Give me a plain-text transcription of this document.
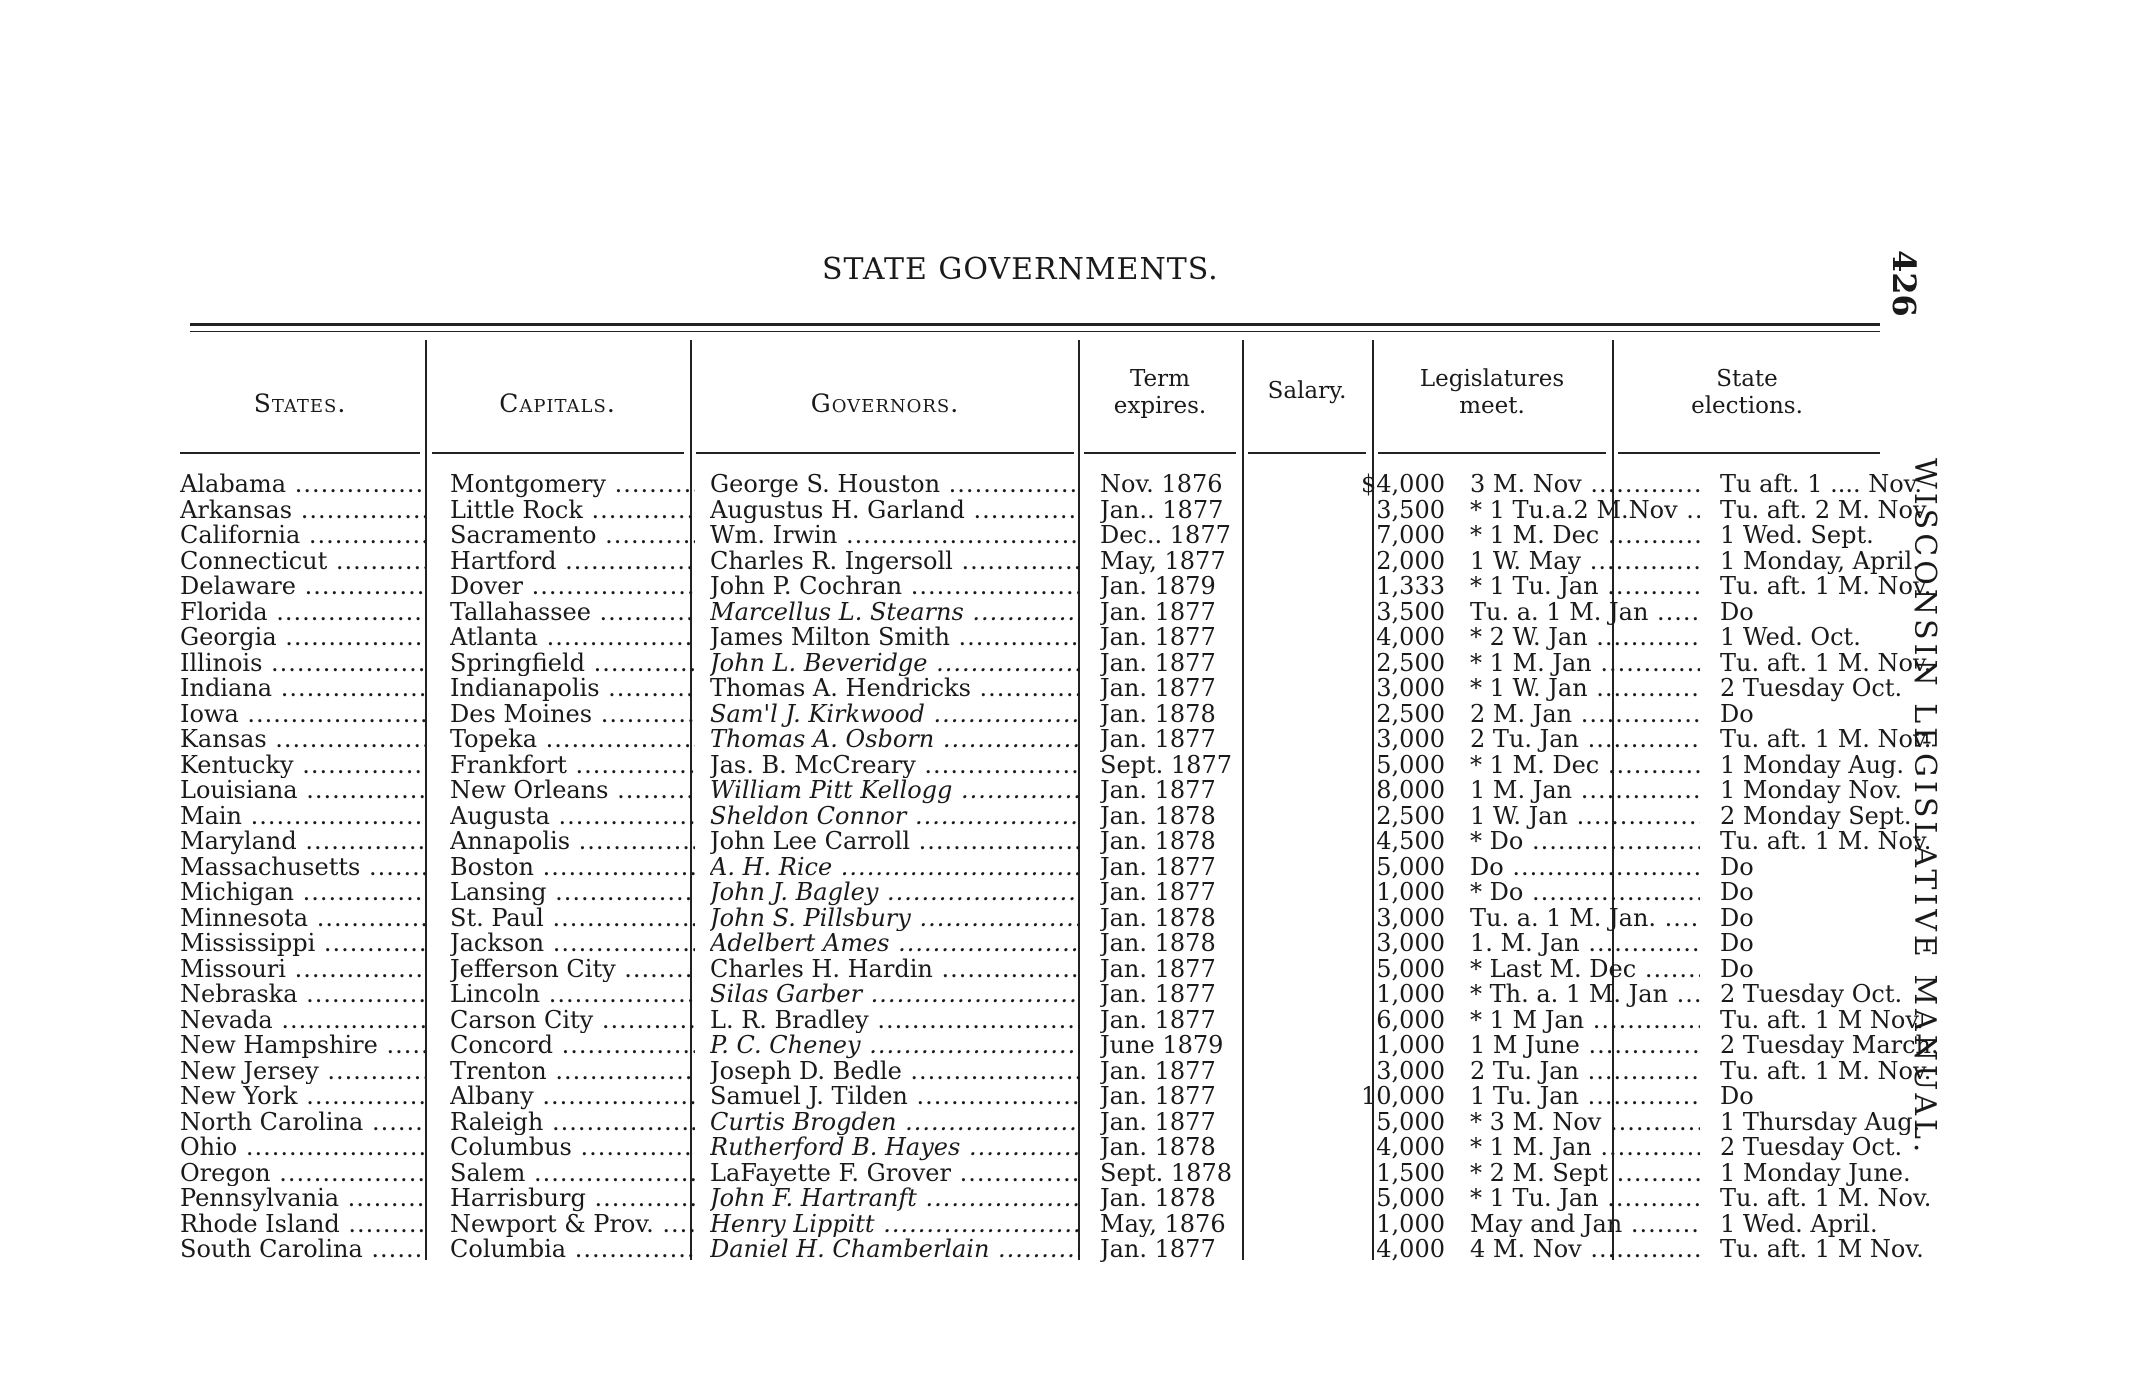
STATE GOVERNMENTS.	426
WISCONSIN LEGISLATIVE MANUAL.
States.	Capitals.	Governors.
Term
expires.
Salary.	Legislatures
meet.
State
elections.
Alabama .....	Montgomery .....	George S. Houston .....	Nov. 1876	$4,000 3 M. Nov .....	Tu aft. 1 .... Nov.
Arkansas .....	Little Rock .....	Augustus H. Garland .....	Jan.. 1877	3,500 * 1 Tu.a.2 M.Nov .....	Tu. aft. 2 M. Nov.
California .....	Sacramento .....	Wm. Irwin .....	Dec.. 1877	7,000 * 1 M. Dec .....	1 Wed. Sept.
Connecticut .....	Hartford .....	Charles R. Ingersoll .....	May, 1877	2,000 1 W. May .....	1 Monday, April.
Delaware .....	Dover .....	John P. Cochran .....	Jan. 1879	1,333 * 1 Tu. Jan .....	Tu. aft. 1 M. Nov.
Florida .....	Tallahassee .....	Marcellus L. Stearns .....	Jan. 1877	3,500 Tu. a. 1 M. Jan .....	Do
Georgia .....	Atlanta .....	James Milton Smith .....	Jan. 1877	4,000 * 2 W. Jan .....	1 Wed. Oct.
Illinois .....	Springfield .....	John L. Beveridge .....	Jan. 1877	2,500 * 1 M. Jan .....	Tu. aft. 1 M. Nov.
Indiana .....	Indianapolis .....	Thomas A. Hendricks .....	Jan. 1877	3,000 * 1 W. Jan .....	2 Tuesday Oct.
Iowa .....	Des Moines .....	Sam'l J. Kirkwood .....	Jan. 1878	2,500 2 M. Jan .....	Do
Kansas .....	Topeka .....	Thomas A. Osborn .....	Jan. 1877	3,000 2 Tu. Jan .....	Tu. aft. 1 M. Nov.
Kentucky .....	Frankfort .....	Jas. B. McCreary .....	Sept. 1877	5,000 * 1 M. Dec .....	1 Monday Aug.
Louisiana .....	New Orleans .....	William Pitt Kellogg .....	Jan. 1877	8,000 1 M. Jan .....	1 Monday Nov.
Main .....	Augusta .....	Sheldon Connor .....	Jan. 1878	2,500 1 W. Jan .....	2 Monday Sept.
Maryland .....	Annapolis .....	John Lee Carroll .....	Jan. 1878	4,500 * Do .....	Tu. aft. 1 M. Nov.
Massachusetts .....	Boston .....	A. H. Rice .....	Jan. 1877	5,000 Do .....	Do
Michigan .....	Lansing .....	John J. Bagley .....	Jan. 1877	1,000 * Do .....	Do
Minnesota .....	St. Paul .....	John S. Pillsbury .....	Jan. 1878	3,000 Tu. a. 1 M. Jan. .....	Do
Mississippi .....	Jackson .....	Adelbert Ames .....	Jan. 1878	3,000 1. M. Jan .....	Do
Missouri .....	Jefferson City .....	Charles H. Hardin .....	Jan. 1877	5,000 * Last M. Dec .....	Do
Nebraska .....	Lincoln .....	Silas Garber .....	Jan. 1877	1,000 * Th. a. 1 M. Jan .....	2 Tuesday Oct.
Nevada .....	Carson City .....	L. R. Bradley .....	Jan. 1877	6,000 * 1 M Jan .....	Tu. aft. 1 M Nov.
New Hampshire .....	Concord .....	P. C. Cheney .....	June 1879	1,000 1 M June .....	2 Tuesday March.
New Jersey .....	Trenton .....	Joseph D. Bedle .....	Jan. 1877	3,000 2 Tu. Jan .....	Tu. aft. 1 M. Nov.
New York .....	Albany .....	Samuel J. Tilden .....	Jan. 1877	10,000 1 Tu. Jan .....	Do
North Carolina .....	Raleigh .....	Curtis Brogden .....	Jan. 1877	5,000 * 3 M. Nov .....	1 Thursday Aug.
Ohio .....	Columbus .....	Rutherford B. Hayes .....	Jan. 1878	4,000 * 1 M. Jan .....	2 Tuesday Oct.
Oregon .....	Salem .....	LaFayette F. Grover .....	Sept. 1878	1,500 * 2 M. Sept .....	1 Monday June.
Pennsylvania .....	Harrisburg .....	John F. Hartranft .....	Jan. 1878	5,000 * 1 Tu. Jan .....	Tu. aft. 1 M. Nov.
Rhode Island .....	Newport & Prov. .....	Henry Lippitt .....	May, 1876	1,000 May and Jan .....	1 Wed. April.
South Carolina .....	Columbia .....	Daniel H. Chamberlain .....	Jan. 1877	4,000 4 M. Nov .....	Tu. aft. 1 M Nov.
